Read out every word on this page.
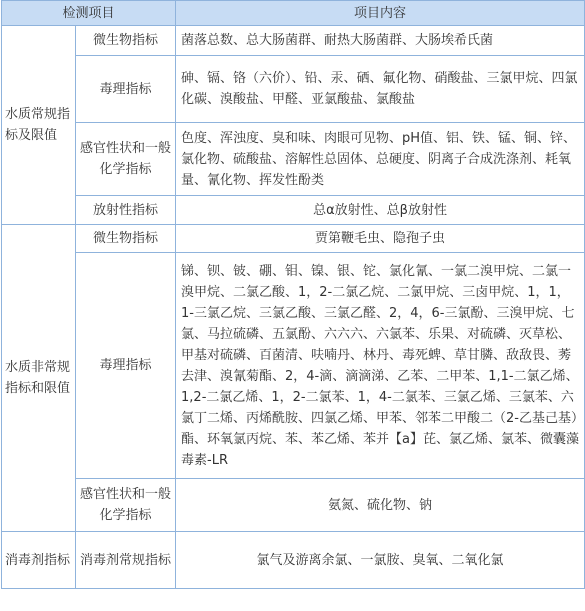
检测项目		项目内容
水质常规指标及限值	微生物指标	菌落总数、总大肠菌群、耐热大肠菌群、大肠埃希氏菌
	毒理指标	砷、镉、铬（六价）、铅、汞、硒、氟化物、硝酸盐、三氯甲烷、四氯化碳、溴酸盐、甲醛、亚氯酸盐、氯酸盐
	感官性状和一般化学指标	色度、浑浊度、臭和味、肉眼可见物、pH值、铝、铁、锰、铜、锌、氯化物、硫酸盐、溶解性总固体、总硬度、阴离子合成洗涤剂、耗氧量、氰化物、挥发性酚类
	放射性指标	总α放射性、总β放射性
水质非常规指标和限值	微生物指标	贾第鞭毛虫、隐孢子虫
	毒理指标	锑、钡、铍、硼、钼、镍、银、铊、氯化氰、一氯二溴甲烷、二氯一溴甲烷、二氯乙酸、1，2-二氯乙烷、二氯甲烷、三卤甲烷、1，1，1-三氯乙烷、三氯乙酸、三氯乙醛、2，4，6-三氯酚、三溴甲烷、七氯、马拉硫磷、五氯酚、六六六、六氯苯、乐果、对硫磷、灭草松、甲基对硫磷、百菌清、呋喃丹、林丹、毒死蜱、草甘膦、敌敌畏、莠去津、溴氰菊酯、2，4-滴、滴滴涕、乙苯、二甲苯、1,1-二氯乙烯、1,2-二氯乙烯、1，2-二氯苯、1，4-二氯苯、三氯乙烯、三氯苯、六氯丁二烯、丙烯酰胺、四氯乙烯、甲苯、邻苯二甲酸二（2-乙基己基）酯、环氧氯丙烷、苯、苯乙烯、苯并【a】芘、氯乙烯、氯苯、微囊藻毒素-LR
	感官性状和一般化学指标	氨氮、硫化物、钠
消毒剂指标	消毒剂常规指标	氯气及游离余氯、一氯胺、臭氧、二氧化氯
